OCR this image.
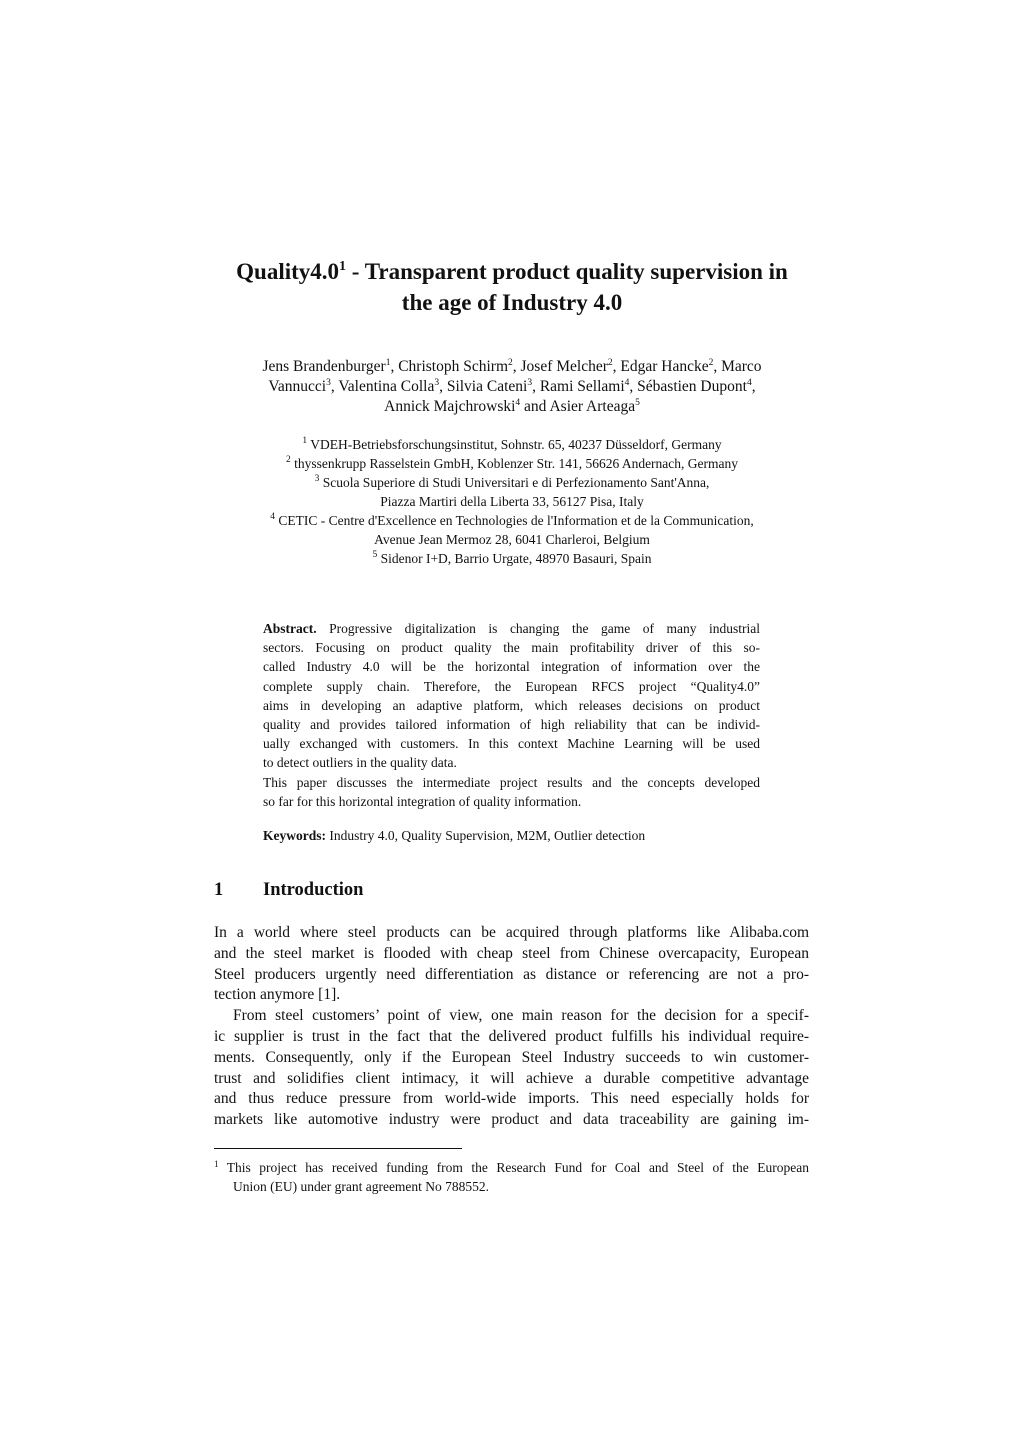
$Quality4.0^1$ - Transparent product quality supervision in
the age of Industry 4.0
Jens Brandenburger$^1$, Christoph Schirm$^2$, Josef Melcher$^2$, Edgar Hancke$^2$, Marco
Vannucci$^3$, Valentina Colla$^3$, Silvia Cateni$^3$, Rami Sellami$^4$, Sébastien Dupont$^4$,
Annick Majchrowski$^4$ and Asier Arteaga$^5$
$^1$ VDEH-Betriebsforschungsinstitut, Sohnstr. 65, 40237 Düsseldorf, Germany
$^2$ thyssenkrupp Rasselstein GmbH, Koblenzer Str. 141, 56626 Andernach, Germany
$^3$ Scuola Superiore di Studi Universitari e di Perfezionamento Sant'Anna,
Piazza Martiri della Liberta 33, 56127 Pisa, Italy
$^4$ CETIC - Centre d'Excellence en Technologies de l'Information et de la Communication,
Avenue Jean Mermoz 28, 6041 Charleroi, Belgium
$^5$ Sidenor I+D, Barrio Urgate, 48970 Basauri, Spain
Abstract. Progressive digitalization is changing the game of many industrial
sectors. Focusing on product quality the main profitability driver of this so-
called Industry 4.0 will be the horizontal integration of information over the
complete supply chain. Therefore, the European RFCS project “Quality4.0”
aims in developing an adaptive platform, which releases decisions on product
quality and provides tailored information of high reliability that can be individ-
ually exchanged with customers. In this context Machine Learning will be used
to detect outliers in the quality data.
This paper discusses the intermediate project results and the concepts developed
so far for this horizontal integration of quality information.
Keywords: Industry 4.0, Quality Supervision, M2M, Outlier detection
1 Introduction
In a world where steel products can be acquired through platforms like Alibaba.com
and the steel market is flooded with cheap steel from Chinese overcapacity, European
Steel producers urgently need differentiation as distance or referencing are not a pro-
tection anymore [1].
From steel customers’ point of view, one main reason for the decision for a specif-
ic supplier is trust in the fact that the delivered product fulfills his individual require-
ments. Consequently, only if the European Steel Industry succeeds to win customer-
trust and solidifies client intimacy, it will achieve a durable competitive advantage
and thus reduce pressure from world-wide imports. This need especially holds for
markets like automotive industry were product and data traceability are gaining im-
$^1$ This project has received funding from the Research Fund for Coal and Steel of the European
Union (EU) under grant agreement No 788552.
